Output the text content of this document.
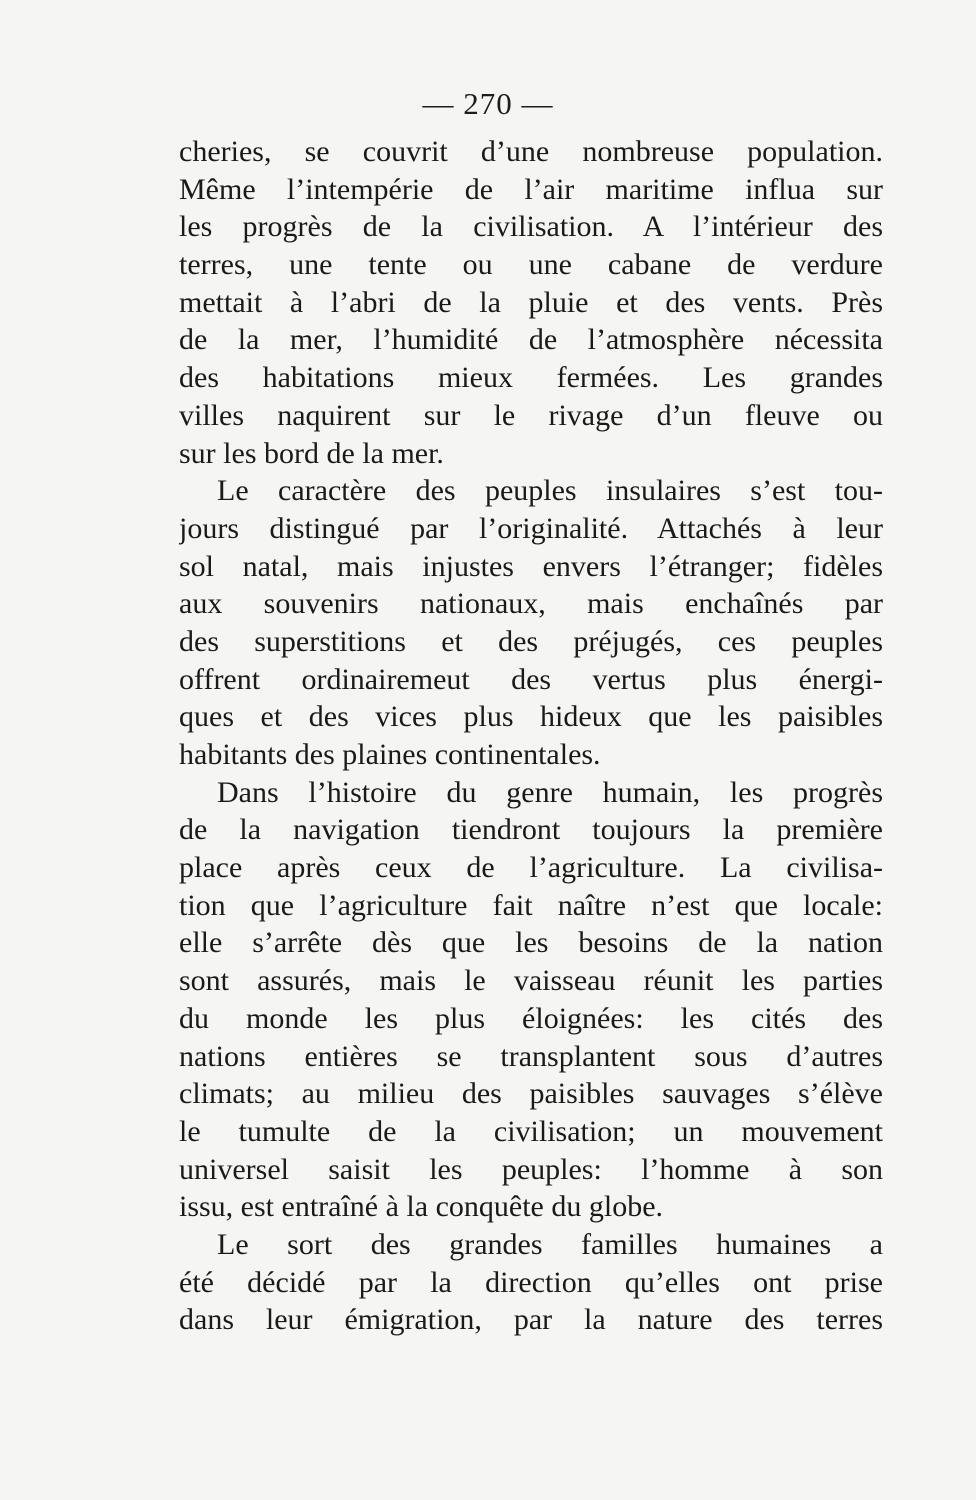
— 270 —
cheries, se couvrit d’une nombreuse population.
Même l’intempérie de l’air maritime influa sur
les progrès de la civilisation. A l’intérieur des
terres, une tente ou une cabane de verdure
mettait à l’abri de la pluie et des vents. Près
de la mer, l’humidité de l’atmosphère nécessita
des habitations mieux fermées. Les grandes
villes naquirent sur le rivage d’un fleuve ou
sur les bord de la mer.
Le caractère des peuples insulaires s’est tou-
jours distingué par l’originalité. Attachés à leur
sol natal, mais injustes envers l’étranger; fidèles
aux souvenirs nationaux, mais enchaînés par
des superstitions et des préjugés, ces peuples
offrent ordinairemeut des vertus plus énergi-
ques et des vices plus hideux que les paisibles
habitants des plaines continentales.
Dans l’histoire du genre humain, les progrès
de la navigation tiendront toujours la première
place après ceux de l’agriculture. La civilisa-
tion que l’agriculture fait naître n’est que locale:
elle s’arrête dès que les besoins de la nation
sont assurés, mais le vaisseau réunit les parties
du monde les plus éloignées: les cités des
nations entières se transplantent sous d’autres
climats; au milieu des paisibles sauvages s’élève
le tumulte de la civilisation; un mouvement
universel saisit les peuples: l’homme à son
issu, est entraîné à la conquête du globe.
Le sort des grandes familles humaines a
été décidé par la direction qu’elles ont prise
dans leur émigration, par la nature des terres
